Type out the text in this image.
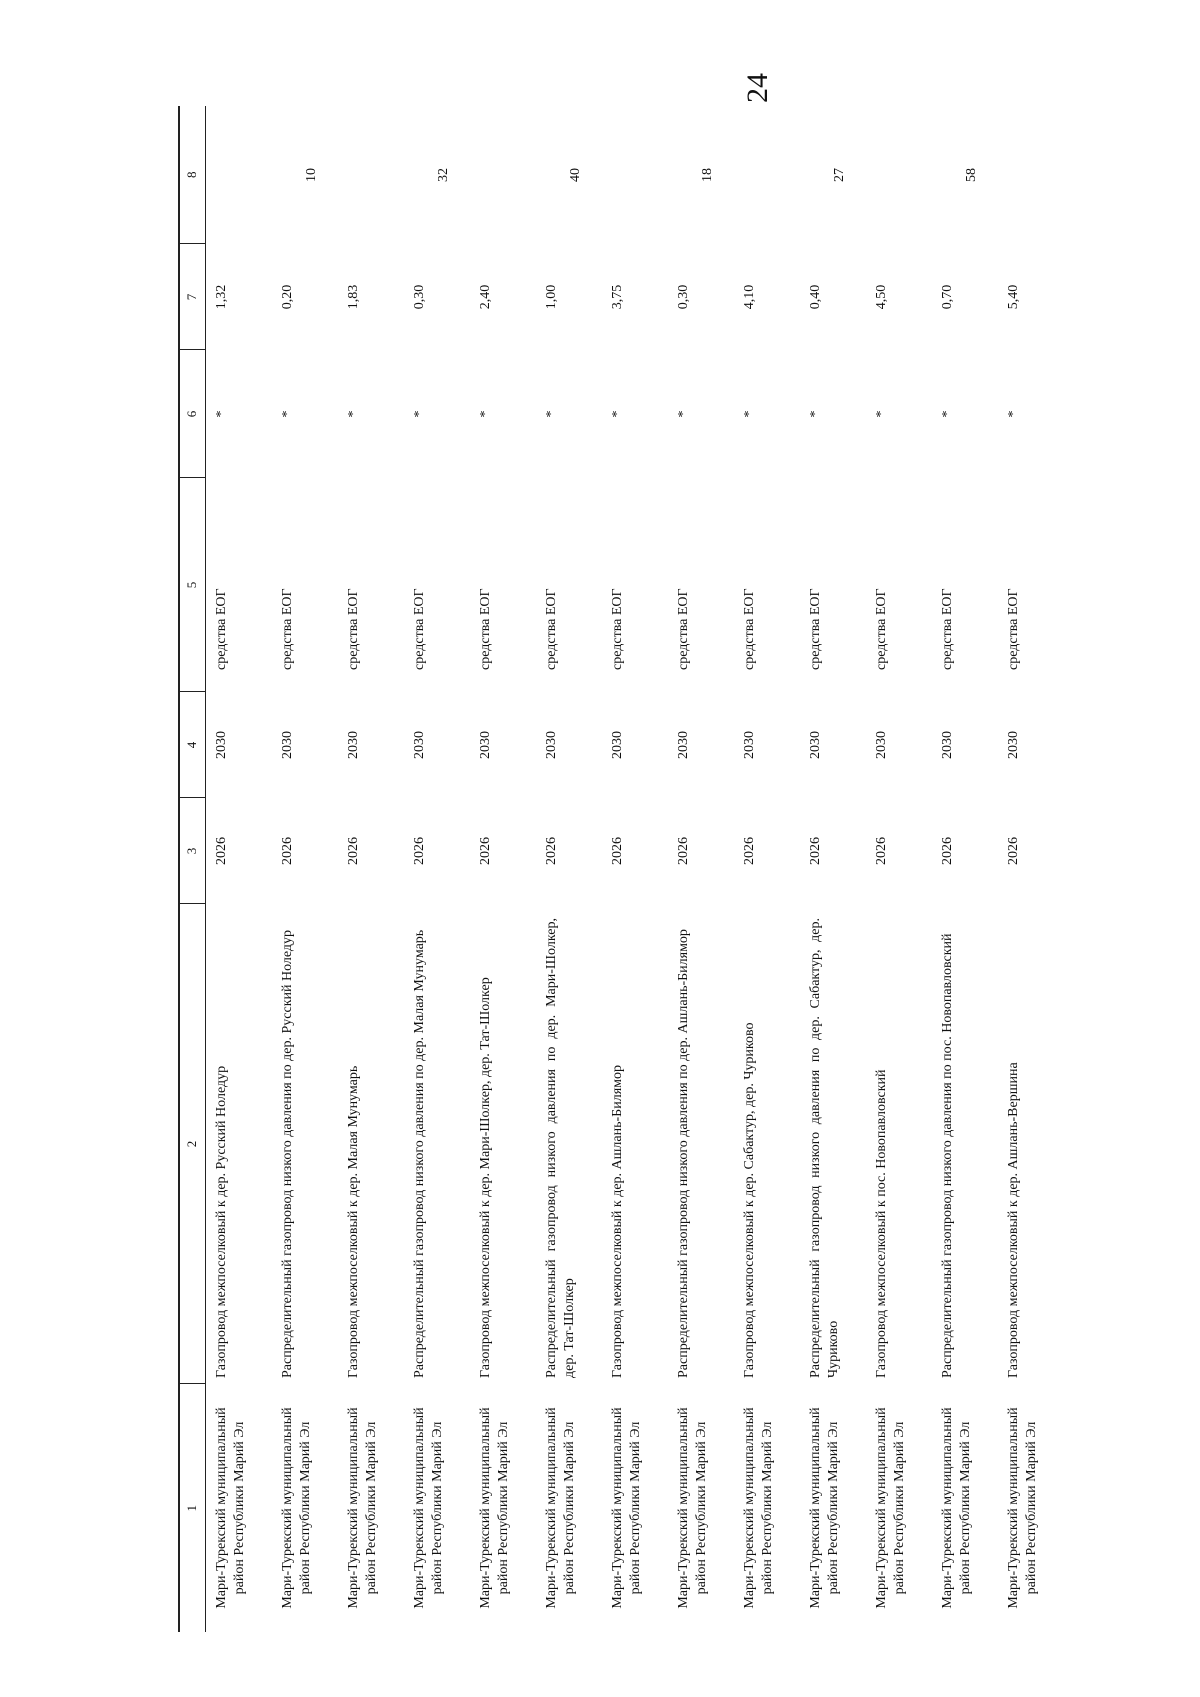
24
1	2	3	4	5	6	7	8
Мари-Турекский муниципальный район Республики Марий Эл	Газопровод межпоселковый к дер. Русский Ноледур	2026	2030	средства ЕОГ	*	1,32	
Мари-Турекский муниципальный район Республики Марий Эл	Распределительный газопровод низкого давления по дер. Русский Ноледур	2026	2030	средства ЕОГ	*	0,20	10
Мари-Турекский муниципальный район Республики Марий Эл	Газопровод межпоселковый к дер. Малая Мунумарь	2026	2030	средства ЕОГ	*	1,83	
Мари-Турекский муниципальный район Республики Марий Эл	Распределительный газопровод низкого давления по дер. Малая Мунумарь	2026	2030	средства ЕОГ	*	0,30	32
Мари-Турекский муниципальный район Республики Марий Эл	Газопровод межпоселковый к дер. Мари-Шолкер, дер. Тат-Шолкер	2026	2030	средства ЕОГ	*	2,40	
Мари-Турекский муниципальный район Республики Марий Эл	Распределительный газопровод низкого давления по дер. Мари-Шолкер, дер. Тат-Шолкер	2026	2030	средства ЕОГ	*	1,00	40
Мари-Турекский муниципальный район Республики Марий Эл	Газопровод межпоселковый к дер. Ашлань-Билямор	2026	2030	средства ЕОГ	*	3,75	
Мари-Турекский муниципальный район Республики Марий Эл	Распределительный газопровод низкого давления по дер. Ашлань-Билямор	2026	2030	средства ЕОГ	*	0,30	18
Мари-Турекский муниципальный район Республики Марий Эл	Газопровод межпоселковый к дер. Сабактур, дер. Чуриково	2026	2030	средства ЕОГ	*	4,10	
Мари-Турекский муниципальный район Республики Марий Эл	Распределительный газопровод низкого давления по дер. Сабактур, дер. Чуриково	2026	2030	средства ЕОГ	*	0,40	27
Мари-Турекский муниципальный район Республики Марий Эл	Газопровод межпоселковый к пос. Новопавловский	2026	2030	средства ЕОГ	*	4,50	
Мари-Турекский муниципальный район Республики Марий Эл	Распределительный газопровод низкого давления по пос. Новопавловский	2026	2030	средства ЕОГ	*	0,70	58
Мари-Турекский муниципальный район Республики Марий Эл	Газопровод межпоселковый к дер. Ашлань-Вершина	2026	2030	средства ЕОГ	*	5,40	
